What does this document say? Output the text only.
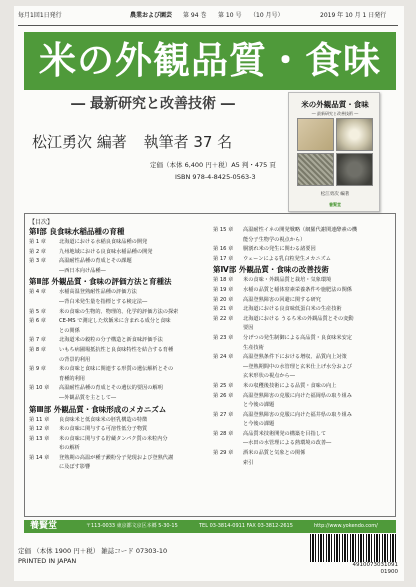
毎月1回1日発行	農業および園芸 第 94 巻 第 10 号 （10 月号）	2019 年 10 月 1 日発行
米の外観品質・食味
― 最新研究と改善技術 ―
松江勇次 編著 執筆者 37 名
定価（本体 6,400 円＋税）A5 判・475 頁
ISBN 978-4-8425-0563-3
米の外観品質・食味
― 最新研究と改善技術 ―
松江勇次 編著
養賢堂
【目次】
第Ⅰ部 良食味水稲品種の育種
第 1 章	北海道における水稲良食味品種の開発
第 2 章	九州地域における良食味水稲品種の開発
第 3 章	高温耐性品種の育成とその課題
―西日本向け品種―
第Ⅱ部 外観品質・食味の評価方法と育種法
第 4 章	水稲高温登熟耐性品種の評価方法
―背白米発生量を指標とする検定法―
第 5 章	米の食味の生物的、物理的、化学的評価方法の探索
第 6 章	CE-MS で測定した炊飯米に含まれる成分と食味
との関係
第 7 章	北海道米の穀粒の分子構造と新食味評価手法
第 8 章	いもち病圃場抵抗性と良食味特性を結合する育種
の背景的利用
第 9 章	米の食味と食味に関連する形質の遺伝解析とその
育種的利用
第 10 章 高温耐性品種の育成とその遺伝的要因の解明
―外観品質を主として―
第Ⅲ部 外観品質・食味形成のメカニズム
第 11 章 良食味米と低食味米の胚乳構造の特徴
第 12 章 米の食味に関与する可溶性低分子物質
第 13 章 米の食味に関与する貯蔵タンパク質の米粒内分
布の解析
第 14 章 登熟期の高温が種子澱粉分子発現および登熟代謝
に及ぼす影響
第 15 章 高温耐性イネの開発戦略（網羅代謝関連酵素の機
能分子生物学の視点から）
第 16 章 胴割れ米の発生に関わる諸要因
第 17 章 ウェーンによる乳白粒発生メカニズム
第Ⅳ部 外観品質・食味の改善技術
第 18 章 米の食味・外観品質と栽培・気象環境
第 19 章 水稲の品質と稲体窒素栄養条件や施肥法の関係
第 20 章 高温登熟障害の回避に関する研究
第 21 章 北海道における良食味低蛋白米の生産技術
第 22 章 北海道における うるち米の外観品質とその変動
要因
第 23 章 分げつの発生制御による高品質・良食味米安定
生産技術
第 24 章 高温登熟条件下における増収、品質向上対策
―登熟期間中の水管理と玄米仕上げ水分および
玄米形状の視点から―
第 25 章 米の収穫後技術による品質・食味の向上
第 26 章 高温登熟障害の克服に向けた福岡県の取り組み
と今後の課題
第 27 章 高温登熟障害の克服に向けた福井県の取り組み
と今後の課題
第 28 章 高品質米技術開発の構築を目指して
―水田の水管理による熱環境の改善―
第 29 章 酒米の品質と気象との関係
索引
養賢堂	〒113-0033 東京都文京区本郷 5-30-15	TEL 03-3814-0911 FAX 03-3812-2615	http://www.yokendo.com/
定価 （本体 1900 円＋税） 雑誌コード 07303-10
PRINTED IN JAPAN	4910073031091
01900
